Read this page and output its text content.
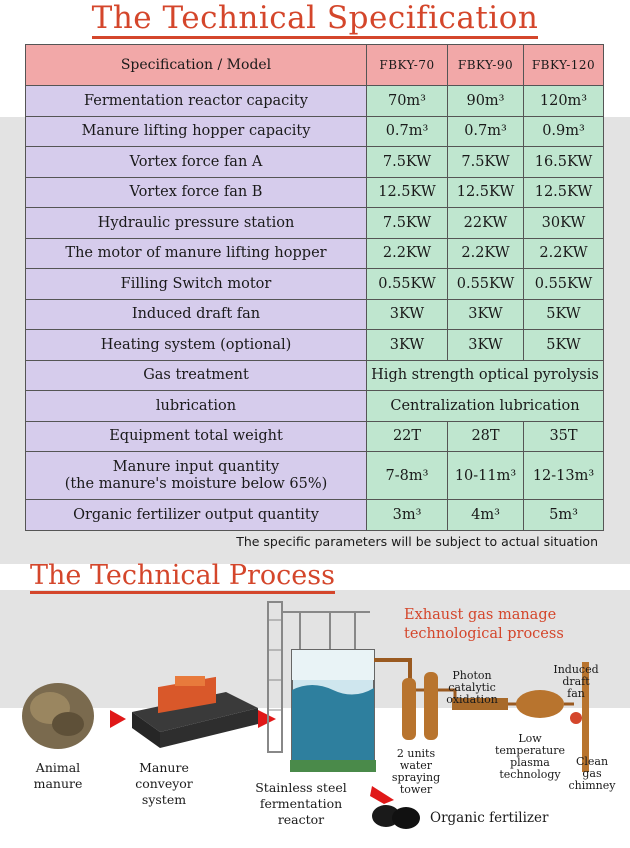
The Technical Specification
Specification / Model	FBKY-70	FBKY-90	FBKY-120
Fermentation reactor capacity	70m³	90m³	120m³
Manure lifting hopper capacity	0.7m³	0.7m³	0.9m³
Vortex force fan A	7.5KW	7.5KW	16.5KW
Vortex force fan B	12.5KW	12.5KW	12.5KW
Hydraulic pressure station	7.5KW	22KW	30KW
The motor of manure lifting hopper	2.2KW	2.2KW	2.2KW
Filling Switch motor	0.55KW	0.55KW	0.55KW
Induced draft fan	3KW	3KW	5KW
Heating system (optional)	3KW	3KW	5KW
Gas treatment	High strength optical pyrolysis		
lubrication	Centralization lubrication		
Equipment total weight	22T	28T	35T
Manure input quantity
(the manure's moisture below 65%)	7-8m³	10-11m³	12-13m³
Organic fertilizer output quantity	3m³	4m³	5m³
The specific parameters will be subject to actual situation
The Technical Process
Exhaust gas manage
technological process
Animal
manure
Manure
conveyor
system
Stainless steel
fermentation
reactor
2 units
water
spraying
tower
Photon
catalytic
oxidation
Low
temperature
plasma
technology
Induced
draft
fan
Clean
gas
chimney
Organic fertilizer
